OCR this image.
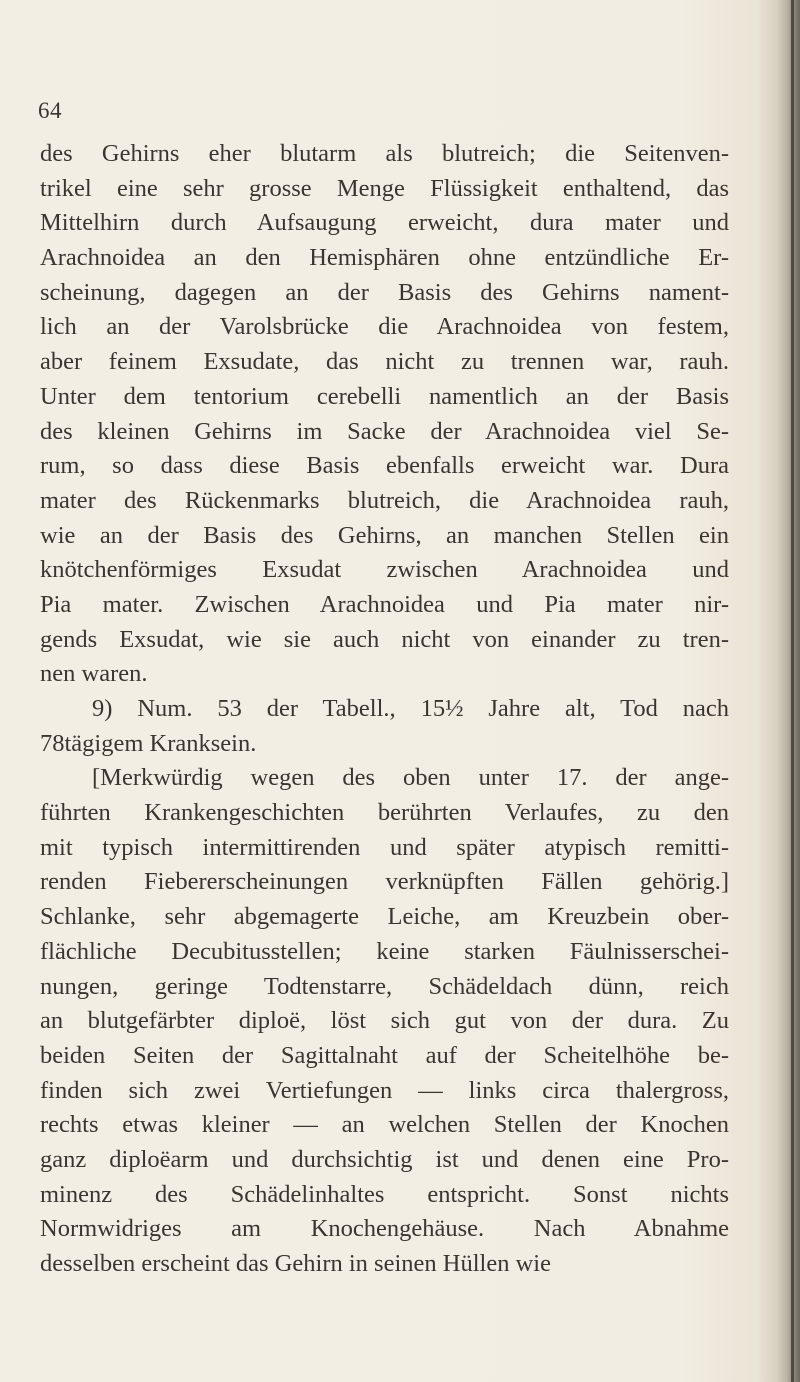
64
des Gehirns eher blutarm als blutreich; die Seitenven-
trikel eine sehr grosse Menge Flüssigkeit enthaltend, das
Mittelhirn durch Aufsaugung erweicht, dura mater und
Arachnoidea an den Hemisphären ohne entzündliche Er-
scheinung, dagegen an der Basis des Gehirns nament-
lich an der Varolsbrücke die Arachnoidea von festem,
aber feinem Exsudate, das nicht zu trennen war, rauh.
Unter dem tentorium cerebelli namentlich an der Basis
des kleinen Gehirns im Sacke der Arachnoidea viel Se-
rum, so dass diese Basis ebenfalls erweicht war. Dura
mater des Rückenmarks blutreich, die Arachnoidea rauh,
wie an der Basis des Gehirns, an manchen Stellen ein
knötchenförmiges Exsudat zwischen Arachnoidea und
Pia mater. Zwischen Arachnoidea und Pia mater nir-
gends Exsudat, wie sie auch nicht von einander zu tren-
nen waren.
9) Num. 53 der Tabell., 15½ Jahre alt, Tod nach
78tägigem Kranksein.
[Merkwürdig wegen des oben unter 17. der ange-
führten Krankengeschichten berührten Verlaufes, zu den
mit typisch intermittirenden und später atypisch remitti-
renden Fiebererscheinungen verknüpften Fällen gehörig.]
Schlanke, sehr abgemagerte Leiche, am Kreuzbein ober-
flächliche Decubitusstellen; keine starken Fäulnisserschei-
nungen, geringe Todtenstarre, Schädeldach dünn, reich
an blutgefärbter diploë, löst sich gut von der dura. Zu
beiden Seiten der Sagittalnaht auf der Scheitelhöhe be-
finden sich zwei Vertiefungen — links circa thalergross,
rechts etwas kleiner — an welchen Stellen der Knochen
ganz diploëarm und durchsichtig ist und denen eine Pro-
minenz des Schädelinhaltes entspricht. Sonst nichts
Normwidriges am Knochengehäuse. Nach Abnahme
desselben erscheint das Gehirn in seinen Hüllen wie
